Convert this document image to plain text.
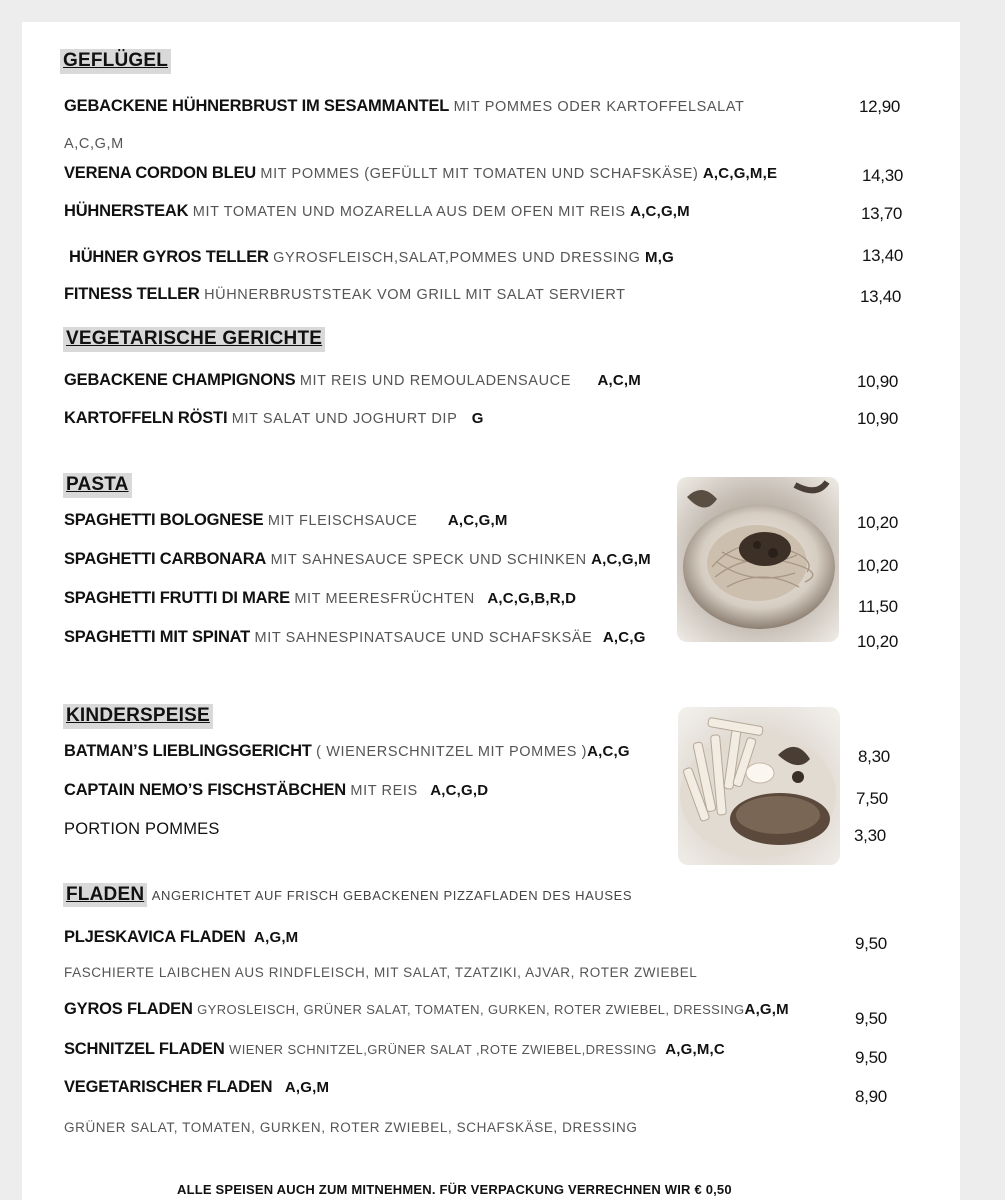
GEFLÜGEL
GEBACKENE HÜHNERBRUST IM SESAMMANTEL MIT POMMES ODER KARTOFFELSALAT	12,90
A,C,G,M
VERENA CORDON BLEU MIT POMMES (GEFÜLLT MIT TOMATEN UND SCHAFSKÄSE) A,C,G,M,E	14,30
HÜHNERSTEAK MIT TOMATEN UND MOZARELLA AUS DEM OFEN MIT REIS A,C,G,M	13,70
HÜHNER GYROS TELLER GYROSFLEISCH,SALAT,POMMES UND DRESSING M,G	13,40
FITNESS TELLER HÜHNERBRUSTSTEAK VOM GRILL MIT SALAT SERVIERT	13,40
VEGETARISCHE GERICHTE
GEBACKENE CHAMPIGNONS MIT REIS UND REMOULADENSAUCE A,C,M	10,90
KARTOFFELN RÖSTI MIT SALAT UND JOGHURT DIP G	10,90
PASTA
SPAGHETTI BOLOGNESE MIT FLEISCHSAUCE A,C,G,M	10,20
SPAGHETTI CARBONARA MIT SAHNESAUCE SPECK UND SCHINKEN A,C,G,M	10,20
SPAGHETTI FRUTTI DI MARE MIT MEERESFRÜCHTEN A,C,G,B,R,D	11,50
SPAGHETTI MIT SPINAT MIT SAHNESPINATSAUCE UND SCHAFSKSÄE A,C,G	10,20
KINDERSPEISE
BATMAN’S LIEBLINGSGERICHT ( WIENERSCHNITZEL MIT POMMES )A,C,G	8,30
CAPTAIN NEMO’S FISCHSTÄBCHEN MIT REIS A,C,G,D	7,50
PORTION POMMES	3,30
FLADEN ANGERICHTET AUF FRISCH GEBACKENEN PIZZAFLADEN DES HAUSES
PLJESKAVICA FLADEN A,G,M	9,50
FASCHIERTE LAIBCHEN AUS RINDFLEISCH, MIT SALAT, TZATZIKI, AJVAR, ROTER ZWIEBEL
GYROS FLADEN GYROSLEISCH, GRÜNER SALAT, TOMATEN, GURKEN, ROTER ZWIEBEL, DRESSINGA,G,M	9,50
SCHNITZEL FLADEN WIENER SCHNITZEL,GRÜNER SALAT ,ROTE ZWIEBEL,DRESSING A,G,M,C	9,50
VEGETARISCHER FLADEN A,G,M	8,90
GRÜNER SALAT, TOMATEN, GURKEN, ROTER ZWIEBEL, SCHAFSKÄSE, DRESSING
ALLE SPEISEN AUCH ZUM MITNEHMEN. FÜR VERPACKUNG VERRECHNEN WIR € 0,50
